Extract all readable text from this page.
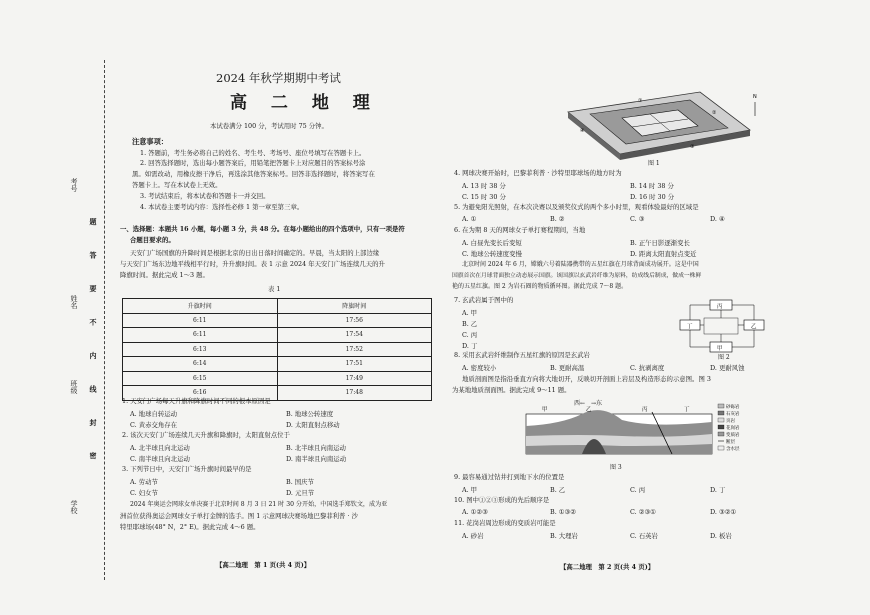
考号
姓名
班级
学校
题 答 要 不 内 线 封 密
2024 年秋学期期中考试
高 二 地 理
本试卷满分 100 分，考试用时 75 分钟。
注意事项：
1. 答题前，考生务必将自己的姓名、考生号、考场号、座位号填写在答题卡上。
2. 回答选择题时，选出每小题答案后，用铅笔把答题卡上对应题目的答案标号涂
黑。如需改动，用橡皮擦干净后，再选涂其他答案标号。回答非选择题时，将答案写在
答题卡上。写在本试卷上无效。
3. 考试结束后，将本试卷和答题卡一并交回。
4. 本试卷主要考试内容：选择性必修 1 第一章至第三章。
一、选择题：本题共 16 小题，每小题 3 分，共 48 分。在每小题给出的四个选项中，只有一项是符
合题目要求的。
天安门广场国旗的升降时间是根据北京的日出日落时间确定的。早晨，当太阳的上部边缘
与天安门广场东边地平线相平行时，升升旗时间。表 1 示意 2024 年天安门广场连续几天的升
降旗时间。据此完成 1～3 题。
表 1
升旗时间	降旗时间
6:11	17:56
6:11	17:54
6:13	17:52
6:14	17:51
6:15	17:49
6:16	17:48
1. 天安门广场每天升旗和降旗时间不同的根本原因是
A. 地球自转运动	B. 地球公转速度
C. 黄赤交角存在	D. 太阳直射点移动
2. 该次天安门广场连续几天升旗和降旗时，太阳直射点位于
A. 北半球且向北运动	B. 北半球且向南运动
C. 南半球且向北运动	D. 南半球且向南运动
3. 下列节日中，天安门广场升旗时间最早的是
A. 劳动节	B. 国庆节
C. 妇女节	D. 元旦节
2024 年奥运会网球女单决赛于北京时间 8 月 3 日 21 时 30 分开始，中国选手郑钦文，成为亚
洲首位获得奥运会网球女子单打金牌的选手。图 1 示意网球决赛场地巴黎菲利普 · 沙
特里耶球场(48° N，2° E)。据此完成 4～6 题。
【高二地理　第 1 页(共 4 页)】
①
②
③
④
N
图 1
4. 网球决赛开始时，巴黎菲利普 · 沙特里耶球场的地方时为
A. 13 时 38 分	B. 14 时 38 分
C. 15 时 30 分	D. 16 时 30 分
5. 为避免阳光照射，在本次决赛以及颁奖仪式的两个多小时里，观看体验最好的区域是
A. ①	B. ②	C. ③	D. ④
6. 在为期 8 天的网球女子单打赛程期间，当地
A. 白昼先变长后变短	B. 正午日影逐渐变长
C. 地球公转速度变慢	D. 距离太阳直射点变近
北京时间 2024 年 6 月，嫦娥六号着陆器携带的五星红旗在月球背面成功展开。这是中国
国旗首次在月球背面独立动态展示国旗。该国旗以玄武岩纤维为原料，纺成线后制成，做成一株鲜
艳的五星红旗。图 2 为岩石圈的物质循环图。据此完成 7～8 题。
7. 玄武岩属于图中的
A. 甲
B. 乙
C. 丙
D. 丁
丙
丁	乙
甲
图 2
8. 采用玄武岩纤维制作五星红旗的原因是玄武岩
A. 密度较小	B. 更耐高温	C. 抗剥离度	D. 更耐风蚀
地质剖面图是指沿垂直方向将大地切开，反映切开剖面上岩层及构造形态的示意图。图 3
为某地地质剖面图。据此完成 9～11 题。
西←　→东
甲	乙	丙	丁	砂砾岩
石灰岩
页岩
花岗岩
变质岩
断层
含水层
图 3
9. 最容易通过钻井打到地下水的位置是
A. 甲	B. 乙	C. 丙	D. 丁
10. 图中①②③形成的先后顺序是
A. ①②③	B. ①③②	C. ②③①	D. ③②①
11. 花岗岩周边形成的变质岩可能是
A. 砂岩	B. 大理岩	C. 石英岩	D. 板岩
【高二地理　第 2 页(共 4 页)】
